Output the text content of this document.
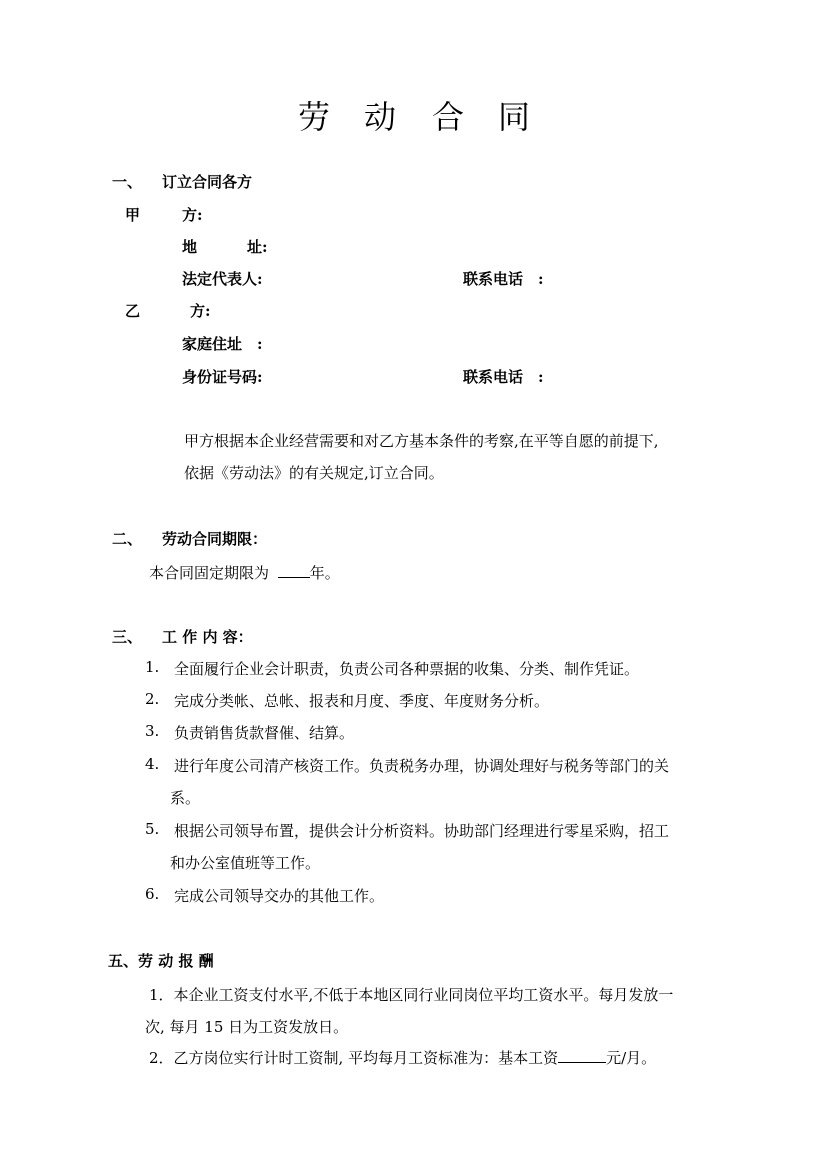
劳 动 合 同
一、 订立合同各方
甲	方:
地	址:
法定代表人:	联系电话　:
乙	方:
家庭住址　:
身份证号码:	联系电话　:
甲方根据本企业经营需要和对乙方基本条件的考察,在平等自愿的前提下,
依据《劳动法》的有关规定,订立合同。
二、 劳动合同期限：
本合同固定期限为	年。
三、 工 作 内 容：
1. 全面履行企业会计职责，负责公司各种票据的收集、分类、制作凭证。
2. 完成分类帐、总帐、报表和月度、季度、年度财务分析。
3. 负责销售货款督催、结算。
4. 进行年度公司清产核资工作。负责税务办理，协调处理好与税务等部门的关
系。
5. 根据公司领导布置，提供会计分析资料。协助部门经理进行零星采购，招工
和办公室值班等工作。
6. 完成公司领导交办的其他工作。
五、劳 动 报 酬
1．本企业工资支付水平,不低于本地区同行业同岗位平均工资水平。每月发放一
次, 每月 15 日为工资发放日。
2．乙方岗位实行计时工资制, 平均每月工资标准为：基本工资	元/月。
